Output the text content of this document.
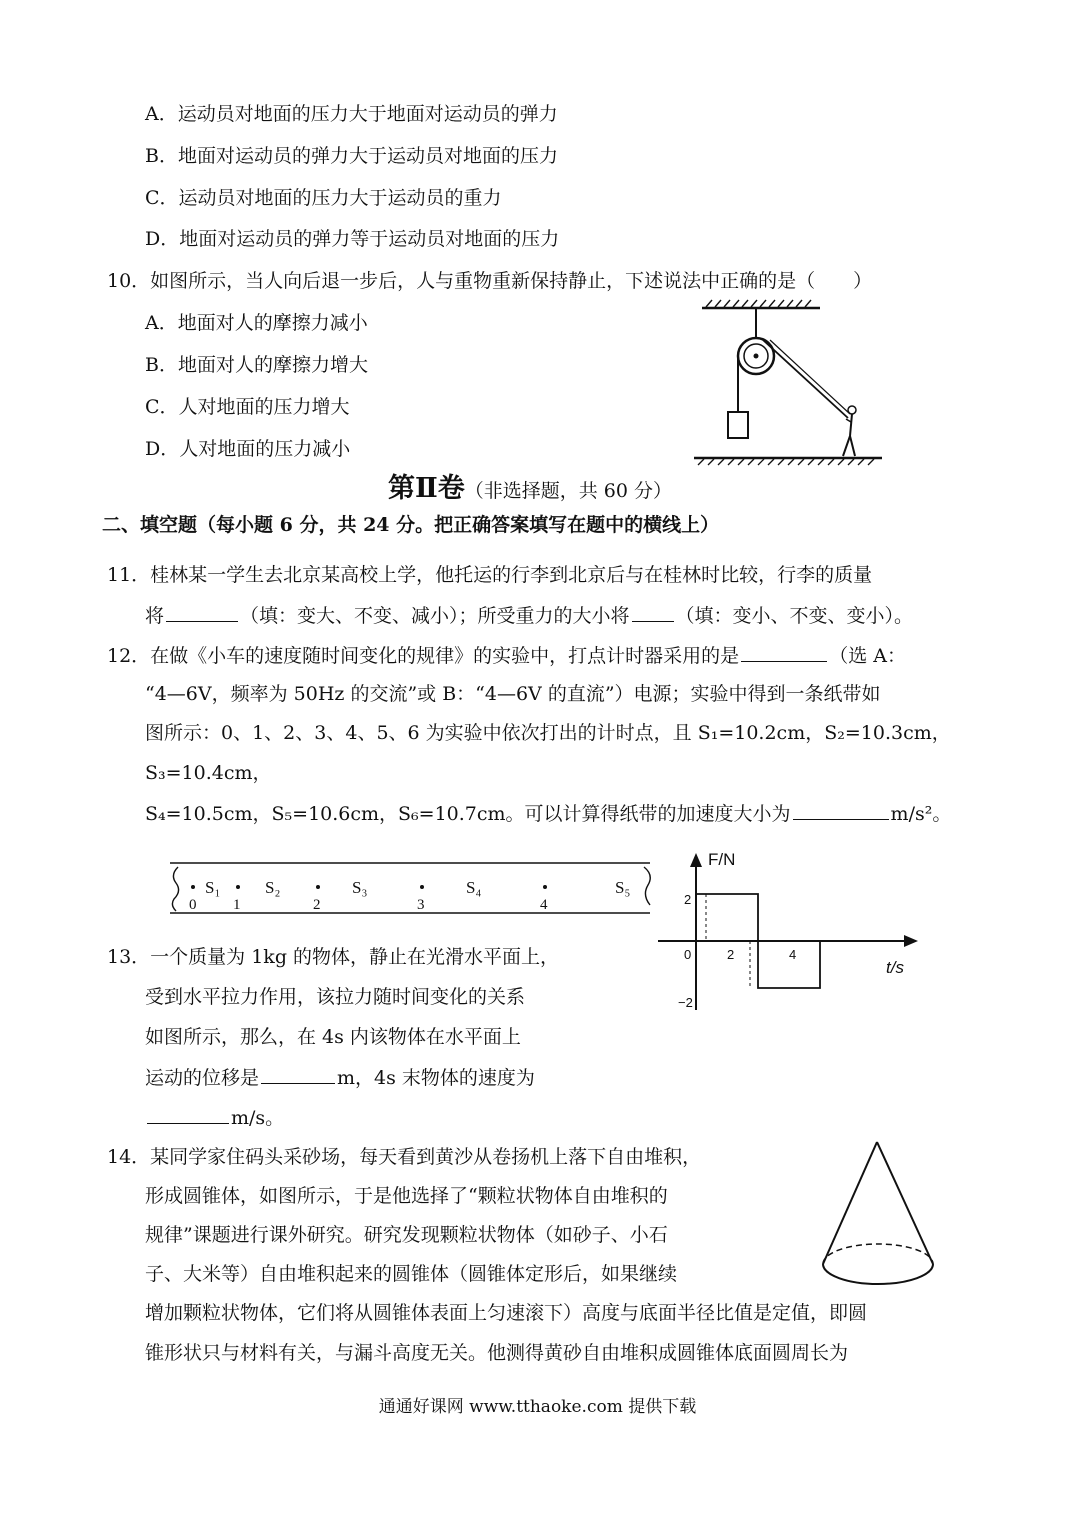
A．运动员对地面的压力大于地面对运动员的弹力
B．地面对运动员的弹力大于运动员对地面的压力
C．运动员对地面的压力大于运动员的重力
D．地面对运动员的弹力等于运动员对地面的压力
10．如图所示，当人向后退一步后，人与重物重新保持静止，下述说法中正确的是（　　）
A．地面对人的摩擦力减小
B．地面对人的摩擦力增大
C．人对地面的压力增大
D．人对地面的压力减小
第Ⅱ卷（非选择题，共 60 分）
二、填空题（每小题 6 分，共 24 分。把正确答案填写在题中的横线上）
11．桂林某一学生去北京某高校上学，他托运的行李到北京后与在桂林时比较，行李的质量
将	（填：变大、不变、减小）；所受重力的大小将 （填：变小、不变、变小）。
12．在做《小车的速度随时间变化的规律》的实验中，打点计时器采用的是	（选 A：
“4—6V，频率为 50Hz 的交流”或 B：“4—6V 的直流”）电源；实验中得到一条纸带如
图所示：0、1、2、3、4、5、6 为实验中依次打出的计时点，且 S₁=10.2cm，S₂=10.3cm，
S₃=10.4cm，
S₄=10.5cm，S₅=10.6cm，S₆=10.7cm。可以计算得纸带的加速度大小为	m/s²。
0 1	2	3	4
S₁	S₂	S₃	S₄	S₅
F/N
t/s
0	2	4
2
−2
13．一个质量为 1kg 的物体，静止在光滑水平面上，
受到水平拉力作用，该拉力随时间变化的关系
如图所示，那么，在 4s 内该物体在水平面上
运动的位移是	m，4s 末物体的速度为
m/s。
14．某同学家住码头采砂场，每天看到黄沙从卷扬机上落下自由堆积，
形成圆锥体，如图所示，于是他选择了“颗粒状物体自由堆积的
规律”课题进行课外研究。研究发现颗粒状物体（如砂子、小石
子、大米等）自由堆积起来的圆锥体（圆锥体定形后，如果继续
增加颗粒状物体，它们将从圆锥体表面上匀速滚下）高度与底面半径比值是定值，即圆
锥形状只与材料有关，与漏斗高度无关。他测得黄砂自由堆积成圆锥体底面圆周长为
通通好课网 www.tthaoke.com 提供下载
